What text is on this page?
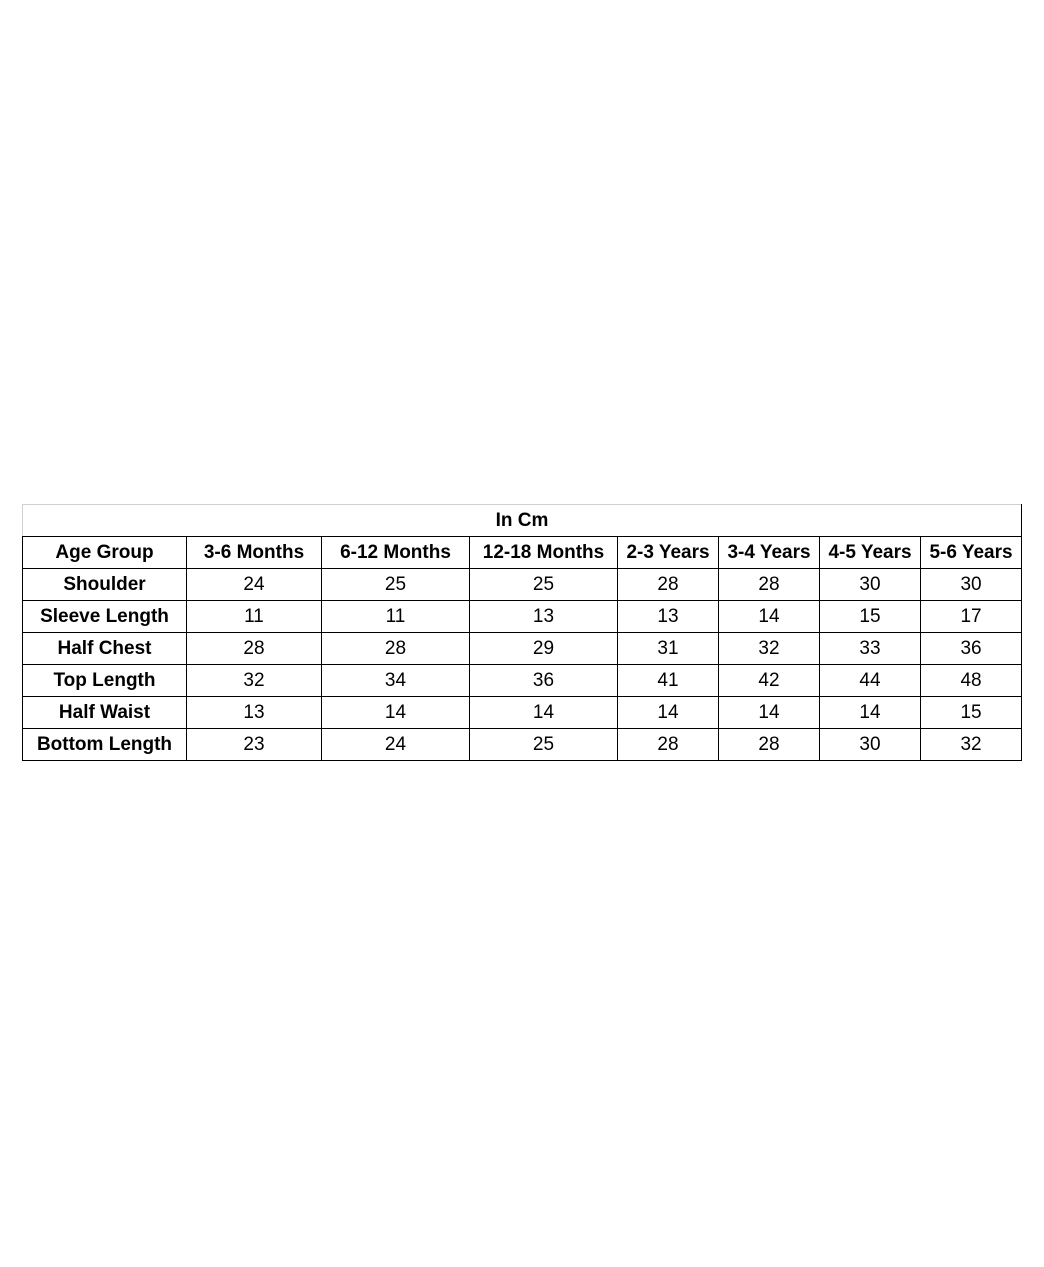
In Cm							
Age Group	3-6 Months	6-12 Months	12-18 Months	2-3 Years	3-4 Years	4-5 Years	5-6 Years
Shoulder	24	25	25	28	28	30	30
Sleeve Length	11	11	13	13	14	15	17
Half Chest	28	28	29	31	32	33	36
Top Length	32	34	36	41	42	44	48
Half Waist	13	14	14	14	14	14	15
Bottom Length	23	24	25	28	28	30	32
